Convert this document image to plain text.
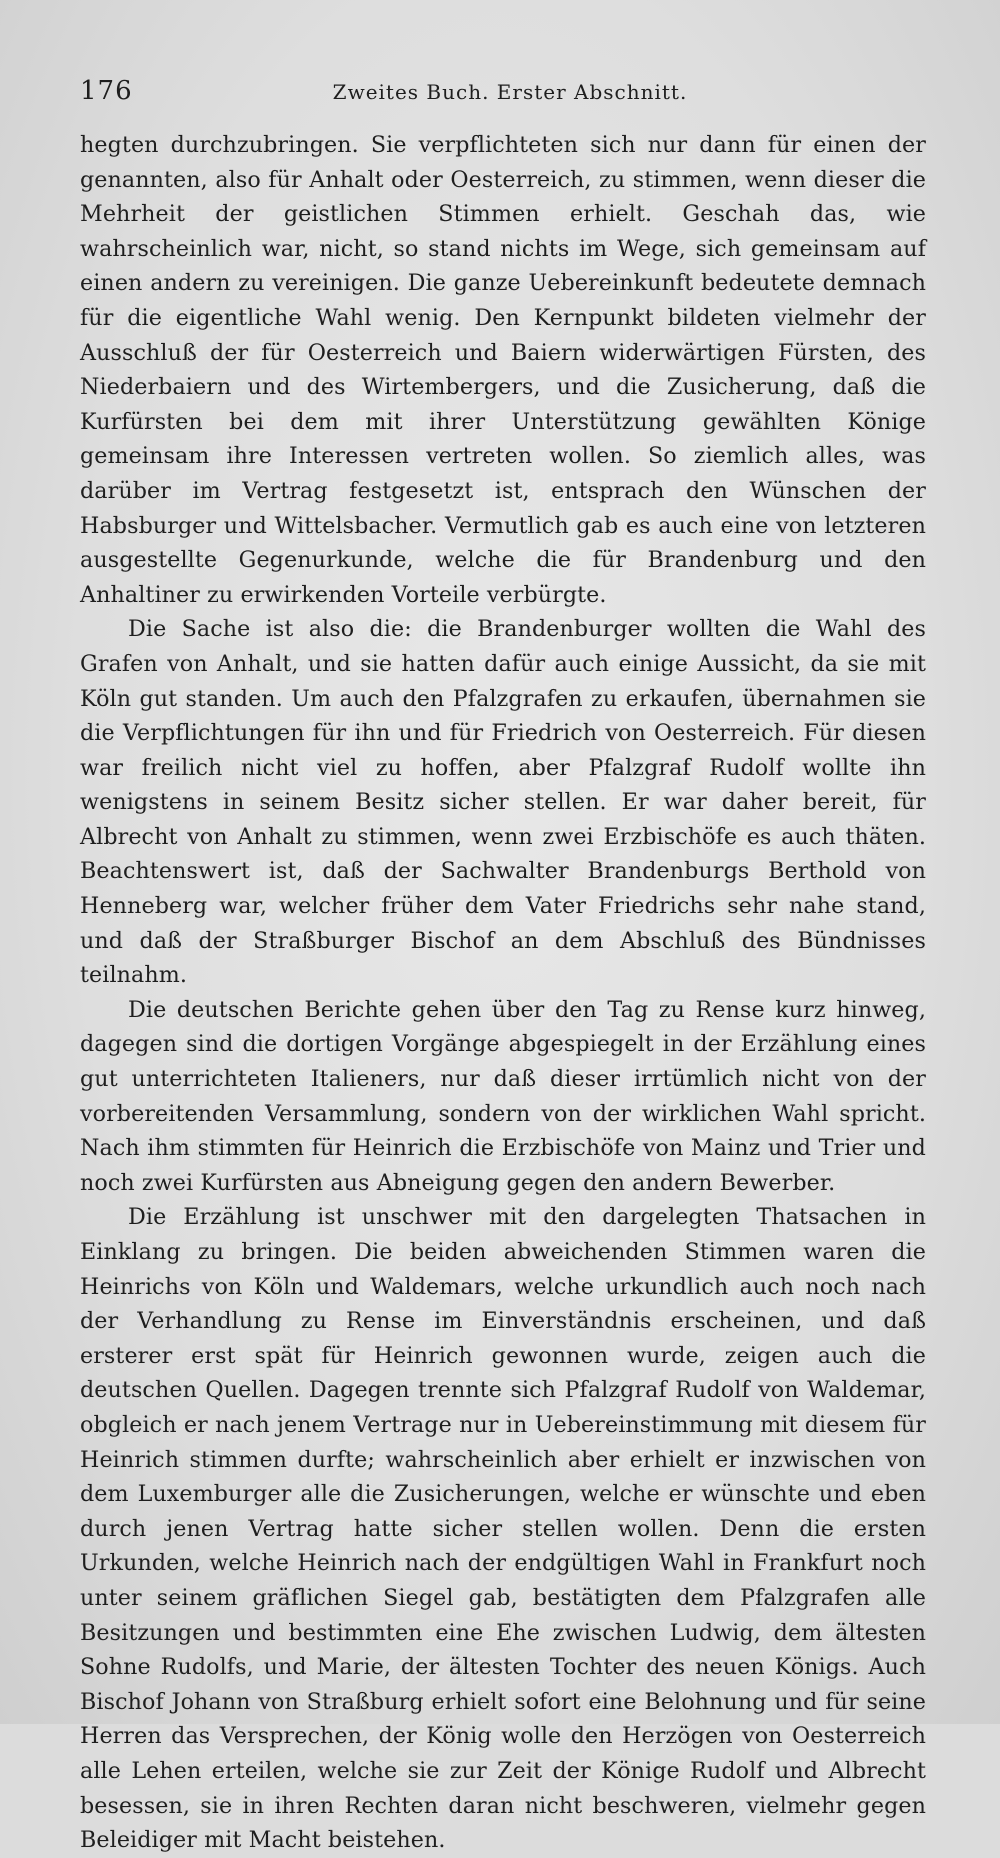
176	Zweites Buch. Erster Abschnitt.

hegten durchzubringen. Sie verpflichteten sich nur dann für einen der genannten, also für Anhalt oder Oesterreich, zu stimmen, wenn dieser die Mehrheit der geistlichen Stimmen erhielt. Geschah das, wie wahrscheinlich war, nicht, so stand nichts im Wege, sich gemeinsam auf einen andern zu vereinigen. Die ganze Uebereinkunft bedeutete demnach für die eigentliche Wahl wenig. Den Kernpunkt bildeten vielmehr der Ausschluß der für Oesterreich und Baiern widerwärtigen Fürsten, des Niederbaiern und des Wirtembergers, und die Zusicherung, daß die Kurfürsten bei dem mit ihrer Unterstützung gewählten Könige gemeinsam ihre Interessen vertreten wollen. So ziemlich alles, was darüber im Vertrag festgesetzt ist, entsprach den Wünschen der Habsburger und Wittelsbacher. Vermutlich gab es auch eine von letzteren ausgestellte Gegenurkunde, welche die für Brandenburg und den Anhaltiner zu erwirkenden Vorteile verbürgte.

Die Sache ist also die: die Brandenburger wollten die Wahl des Grafen von Anhalt, und sie hatten dafür auch einige Aussicht, da sie mit Köln gut standen. Um auch den Pfalzgrafen zu erkaufen, übernahmen sie die Verpflichtungen für ihn und für Friedrich von Oesterreich. Für diesen war freilich nicht viel zu hoffen, aber Pfalzgraf Rudolf wollte ihn wenigstens in seinem Besitz sicher stellen. Er war daher bereit, für Albrecht von Anhalt zu stimmen, wenn zwei Erzbischöfe es auch thäten. Beachtenswert ist, daß der Sachwalter Brandenburgs Berthold von Henneberg war, welcher früher dem Vater Friedrichs sehr nahe stand, und daß der Straßburger Bischof an dem Abschluß des Bündnisses teilnahm.

Die deutschen Berichte gehen über den Tag zu Rense kurz hinweg, dagegen sind die dortigen Vorgänge abgespiegelt in der Erzählung eines gut unterrichteten Italieners, nur daß dieser irrtümlich nicht von der vorbereitenden Versammlung, sondern von der wirklichen Wahl spricht. Nach ihm stimmten für Heinrich die Erzbischöfe von Mainz und Trier und noch zwei Kurfürsten aus Abneigung gegen den andern Bewerber.

Die Erzählung ist unschwer mit den dargelegten Thatsachen in Einklang zu bringen. Die beiden abweichenden Stimmen waren die Heinrichs von Köln und Waldemars, welche urkundlich auch noch nach der Verhandlung zu Rense im Einverständnis erscheinen, und daß ersterer erst spät für Heinrich gewonnen wurde, zeigen auch die deutschen Quellen. Dagegen trennte sich Pfalzgraf Rudolf von Waldemar, obgleich er nach jenem Vertrage nur in Uebereinstimmung mit diesem für Heinrich stimmen durfte; wahrscheinlich aber erhielt er inzwischen von dem Luxemburger alle die Zusicherungen, welche er wünschte und eben durch jenen Vertrag hatte sicher stellen wollen. Denn die ersten Urkunden, welche Heinrich nach der endgültigen Wahl in Frankfurt noch unter seinem gräflichen Siegel gab, bestätigten dem Pfalzgrafen alle Besitzungen und bestimmten eine Ehe zwischen Ludwig, dem ältesten Sohne Rudolfs, und Marie, der ältesten Tochter des neuen Königs. Auch Bischof Johann von Straßburg erhielt sofort eine Belohnung und für seine Herren das Versprechen, der König wolle den Herzögen von Oesterreich alle Lehen erteilen, welche sie zur Zeit der Könige Rudolf und Albrecht besessen, sie in ihren Rechten daran nicht beschweren, vielmehr gegen Beleidiger mit Macht beistehen.
